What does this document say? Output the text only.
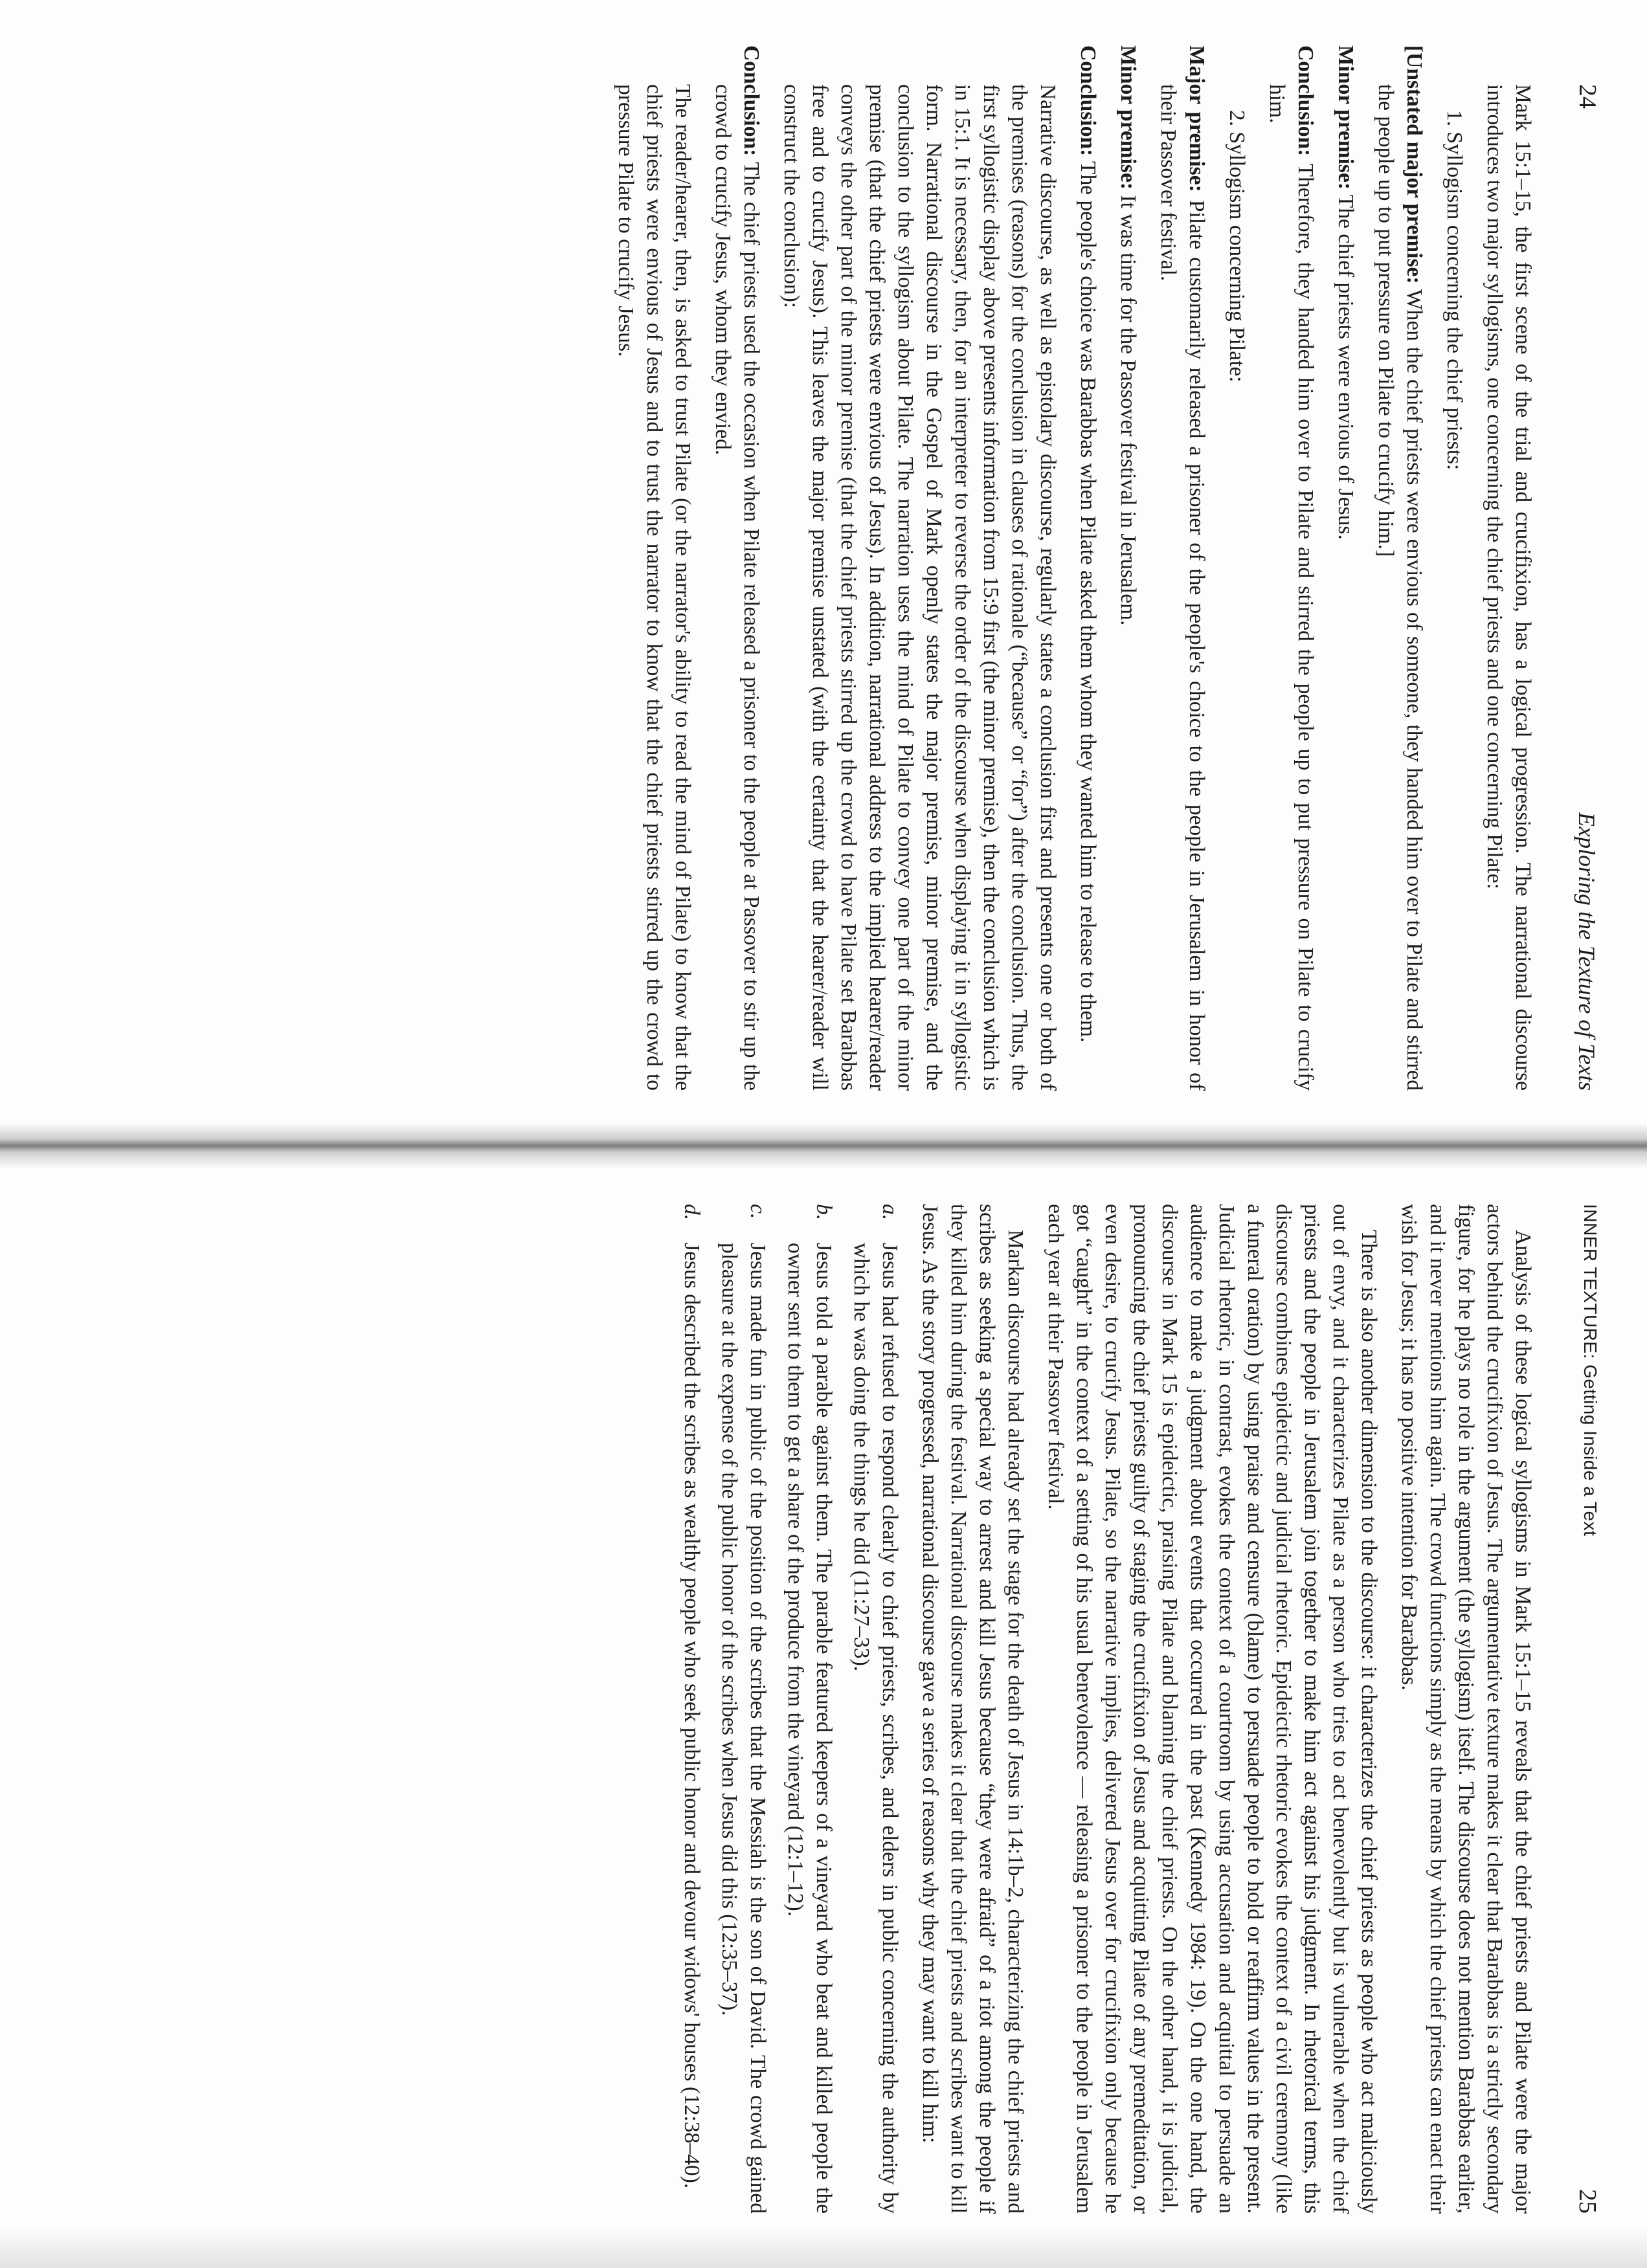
24
Exploring the Texture of Texts

Mark 15:1–15, the first scene of the trial and crucifixion, has a logical progression. The narrational discourse introduces two major syllogisms, one concerning the chief priests and one concerning Pilate:

1. Syllogism concerning the chief priests:

[Unstated major premise: When the chief priests were envious of someone, they handed him over to Pilate and stirred the people up to put pressure on Pilate to crucify him.]

Minor premise: The chief priests were envious of Jesus.

Conclusion: Therefore, they handed him over to Pilate and stirred the people up to put pressure on Pilate to crucify him.

2. Syllogism concerning Pilate:

Major premise: Pilate customarily released a prisoner of the people's choice to the people in Jerusalem in honor of their Passover festival.

Minor premise: It was time for the Passover festival in Jerusalem.

Conclusion: The people's choice was Barabbas when Pilate asked them whom they wanted him to release to them.

Narrative discourse, as well as epistolary discourse, regularly states a conclusion first and presents one or both of the premises (reasons) for the conclusion in clauses of rationale (“because” or “for”) after the conclusion. Thus, the first syllogistic display above presents information from 15:9 first (the minor premise), then the conclusion which is in 15:1. It is necessary, then, for an interpreter to reverse the order of the discourse when displaying it in syllogistic form. Narrational discourse in the Gospel of Mark openly states the major premise, minor premise, and the conclusion to the syllogism about Pilate. The narration uses the mind of Pilate to convey one part of the minor premise (that the chief priests were envious of Jesus). In addition, narrational address to the implied hearer/reader conveys the other part of the minor premise (that the chief priests stirred up the crowd to have Pilate set Barabbas free and to crucify Jesus). This leaves the major premise unstated (with the certainty that the hearer/reader will construct the conclusion):

Conclusion: The chief priests used the occasion when Pilate released a prisoner to the people at Passover to stir up the crowd to crucify Jesus, whom they envied.

The reader/hearer, then, is asked to trust Pilate (or the narrator's ability to read the mind of Pilate) to know that the chief priests were envious of Jesus and to trust the narrator to know that the chief priests stirred up the crowd to pressure Pilate to crucify Jesus.

INNER TEXTURE: Getting Inside a Text
25

Analysis of these logical syllogisms in Mark 15:1–15 reveals that the chief priests and Pilate were the major actors behind the crucifixion of Jesus. The argumentative texture makes it clear that Barabbas is a strictly secondary figure, for he plays no role in the argument (the syllogism) itself. The discourse does not mention Barabbas earlier, and it never mentions him again. The crowd functions simply as the means by which the chief priests can enact their wish for Jesus; it has no positive intention for Barabbas.

There is also another dimension to the discourse: it characterizes the chief priests as people who act maliciously out of envy, and it characterizes Pilate as a person who tries to act benevolently but is vulnerable when the chief priests and the people in Jerusalem join together to make him act against his judgment. In rhetorical terms, this discourse combines epideictic and judicial rhetoric. Epideictic rhetoric evokes the context of a civil ceremony (like a funeral oration) by using praise and censure (blame) to persuade people to hold or reaffirm values in the present. Judicial rhetoric, in contrast, evokes the context of a courtroom by using accusation and acquittal to persuade an audience to make a judgment about events that occurred in the past (Kennedy 1984: 19). On the one hand, the discourse in Mark 15 is epideictic, praising Pilate and blaming the chief priests. On the other hand, it is judicial, pronouncing the chief priests guilty of staging the crucifixion of Jesus and acquitting Pilate of any premeditation, or even desire, to crucify Jesus. Pilate, so the narrative implies, delivered Jesus over for crucifixion only because he got “caught” in the context of a setting of his usual benevolence — releasing a prisoner to the people in Jerusalem each year at their Passover festival.

Markan discourse had already set the stage for the death of Jesus in 14:1b–2, characterizing the chief priests and scribes as seeking a special way to arrest and kill Jesus because “they were afraid” of a riot among the people if they killed him during the festival. Narrational discourse makes it clear that the chief priests and scribes want to kill Jesus. As the story progressed, narrational discourse gave a series of reasons why they may want to kill him:

a.
Jesus had refused to respond clearly to chief priests, scribes, and elders in public concerning the authority by which he was doing the things he did (11:27–33).
b.
Jesus told a parable against them. The parable featured keepers of a vineyard who beat and killed people the owner sent to them to get a share of the produce from the vineyard (12:1–12).
c.
Jesus made fun in public of the position of the scribes that the Messiah is the son of David. The crowd gained pleasure at the expense of the public honor of the scribes when Jesus did this (12:35–37).
d.
Jesus described the scribes as wealthy people who seek public honor and devour widows' houses (12:38–40).
